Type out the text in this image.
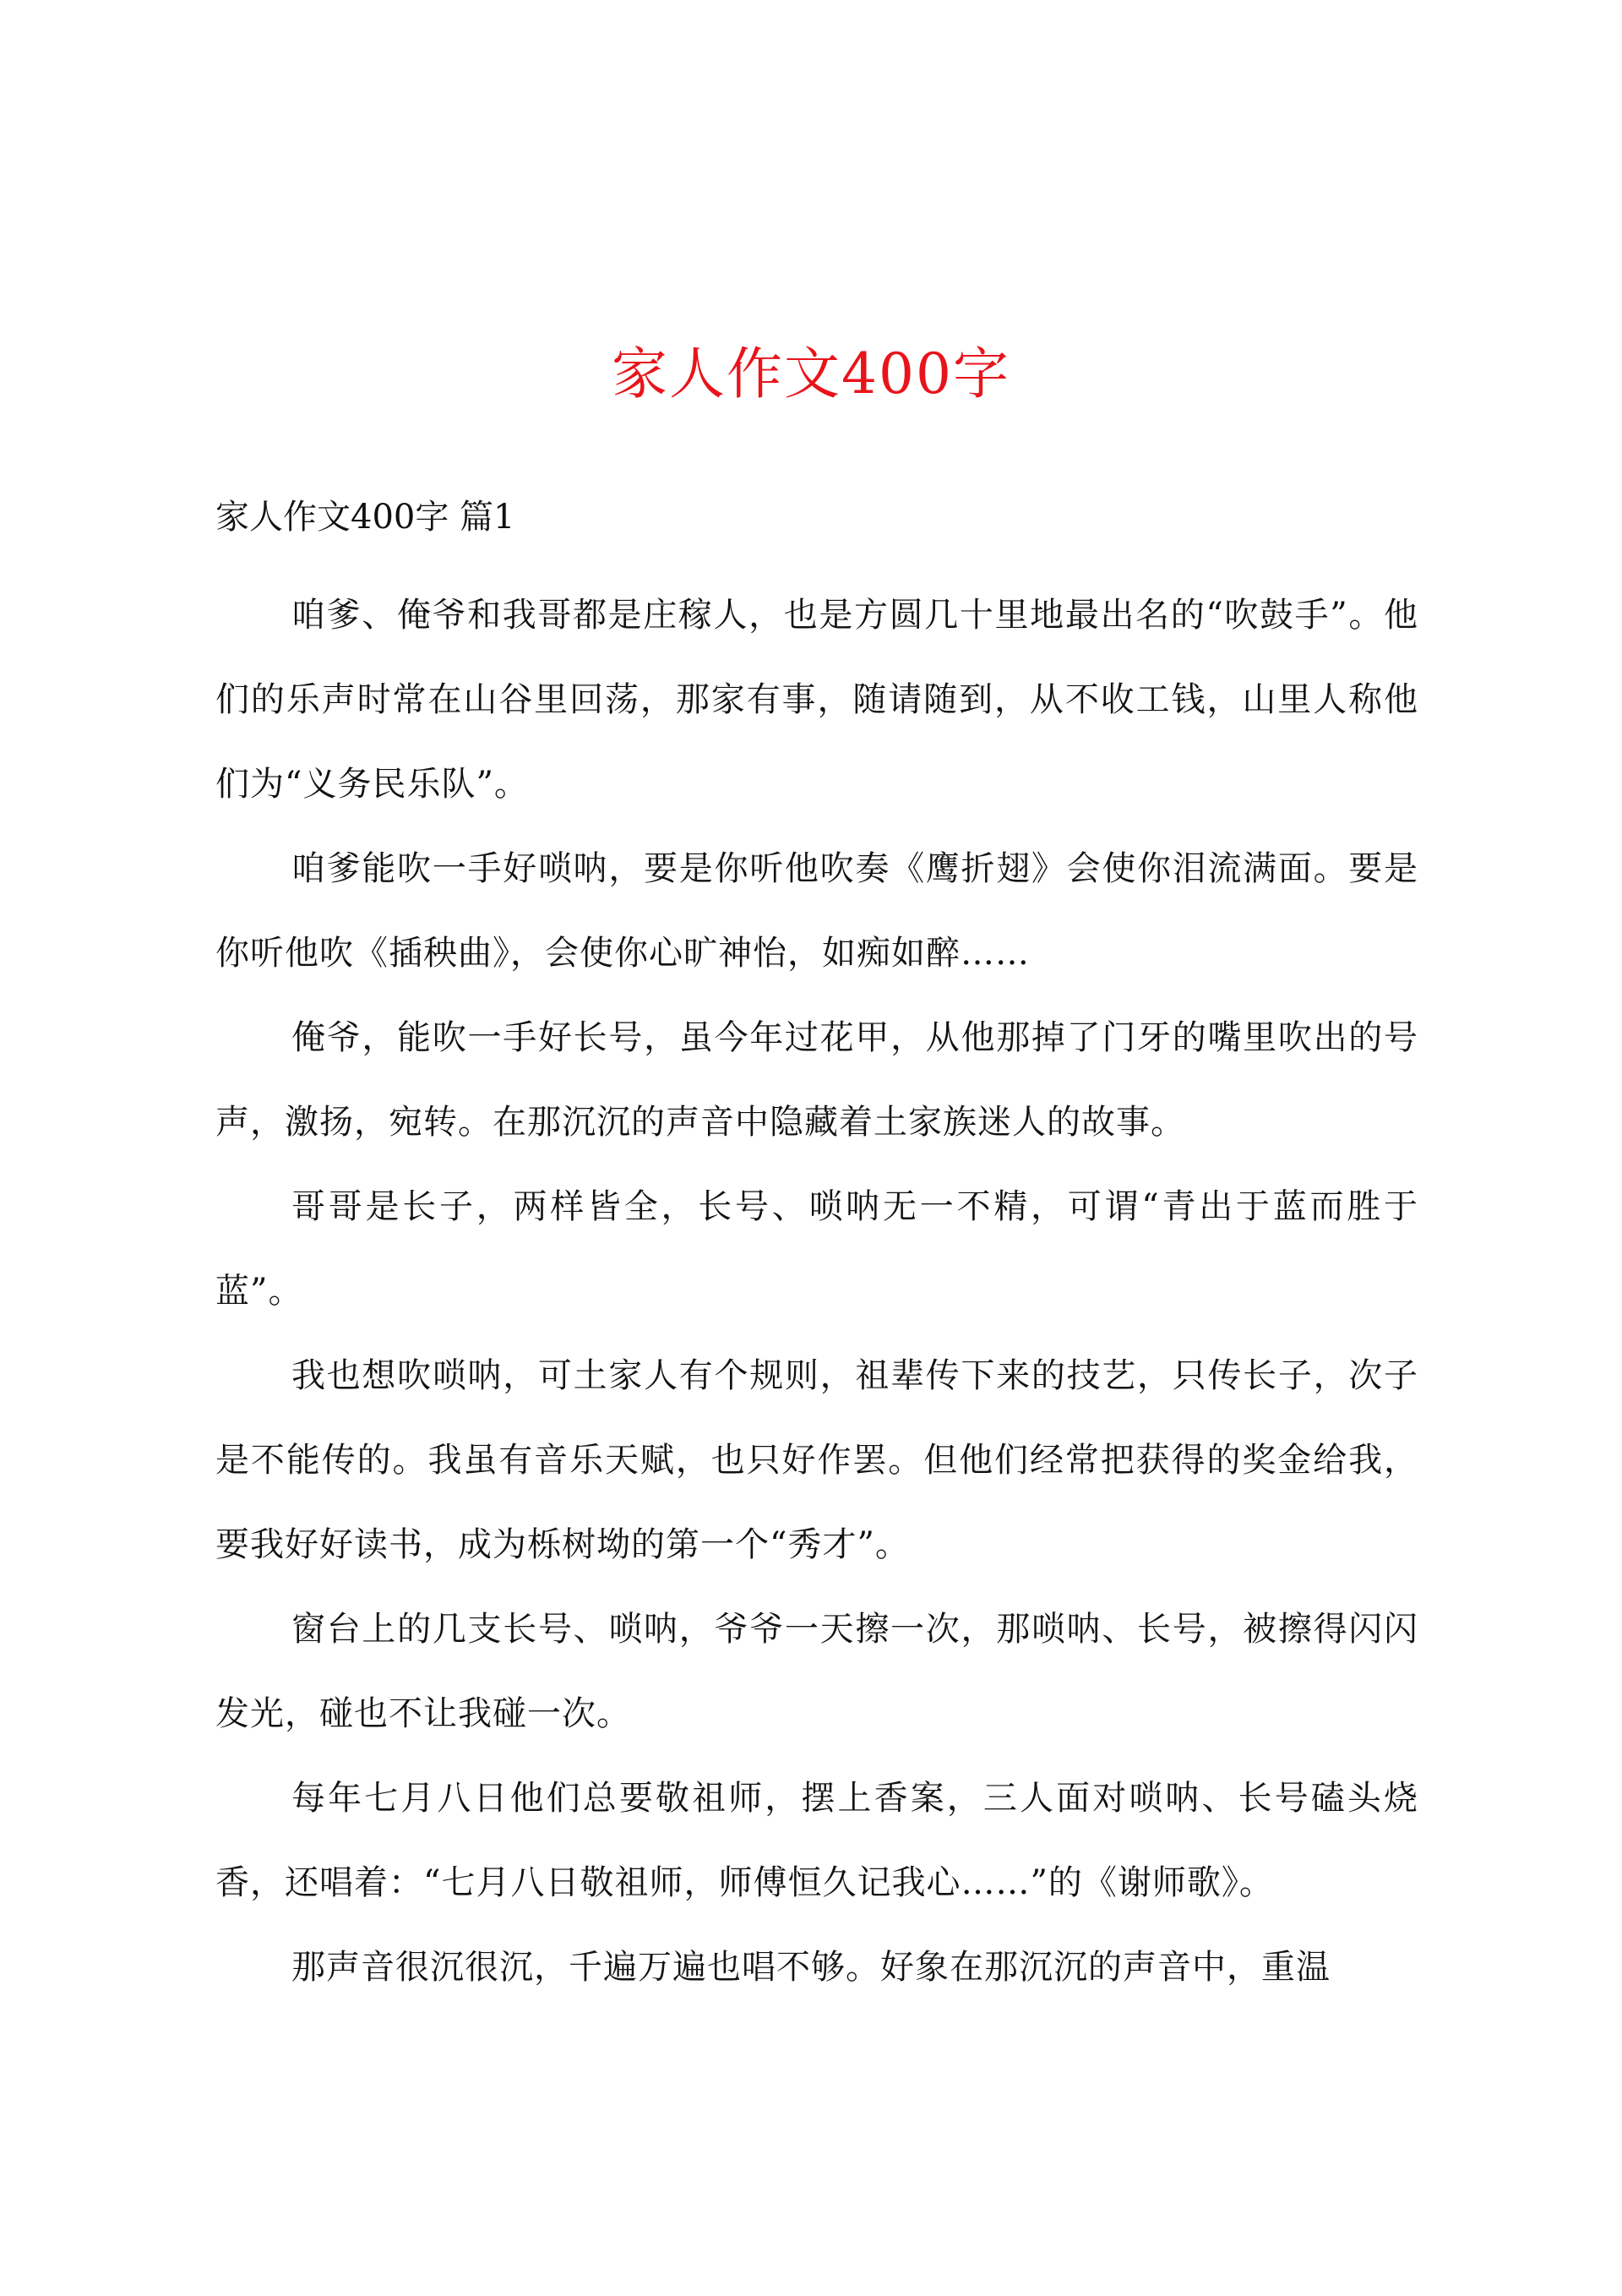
家人作文400字
家人作文400字 篇1

咱爹、俺爷和我哥都是庄稼人，也是方圆几十里地最出名的“吹鼓手”。他们的乐声时常在山谷里回荡，那家有事，随请随到，从不收工钱，山里人称他们为“义务民乐队”。

咱爹能吹一手好唢呐，要是你听他吹奏《鹰折翅》会使你泪流满面。要是你听他吹《插秧曲》，会使你心旷神怡，如痴如醉……

俺爷，能吹一手好长号，虽今年过花甲，从他那掉了门牙的嘴里吹出的号声，激扬，宛转。在那沉沉的声音中隐藏着土家族迷人的故事。

哥哥是长子，两样皆全，长号、唢呐无一不精，可谓“青出于蓝而胜于蓝”。

我也想吹唢呐，可土家人有个规则，祖辈传下来的技艺，只传长子，次子是不能传的。我虽有音乐天赋，也只好作罢。但他们经常把获得的奖金给我，要我好好读书，成为栎树坳的第一个“秀才”。

窗台上的几支长号、唢呐，爷爷一天擦一次，那唢呐、长号，被擦得闪闪发光，碰也不让我碰一次。

每年七月八日他们总要敬祖师，摆上香案，三人面对唢呐、长号磕头烧香，还唱着：“七月八日敬祖师，师傅恒久记我心……”的《谢师歌》。

那声音很沉很沉，千遍万遍也唱不够。好象在那沉沉的声音中，重温
